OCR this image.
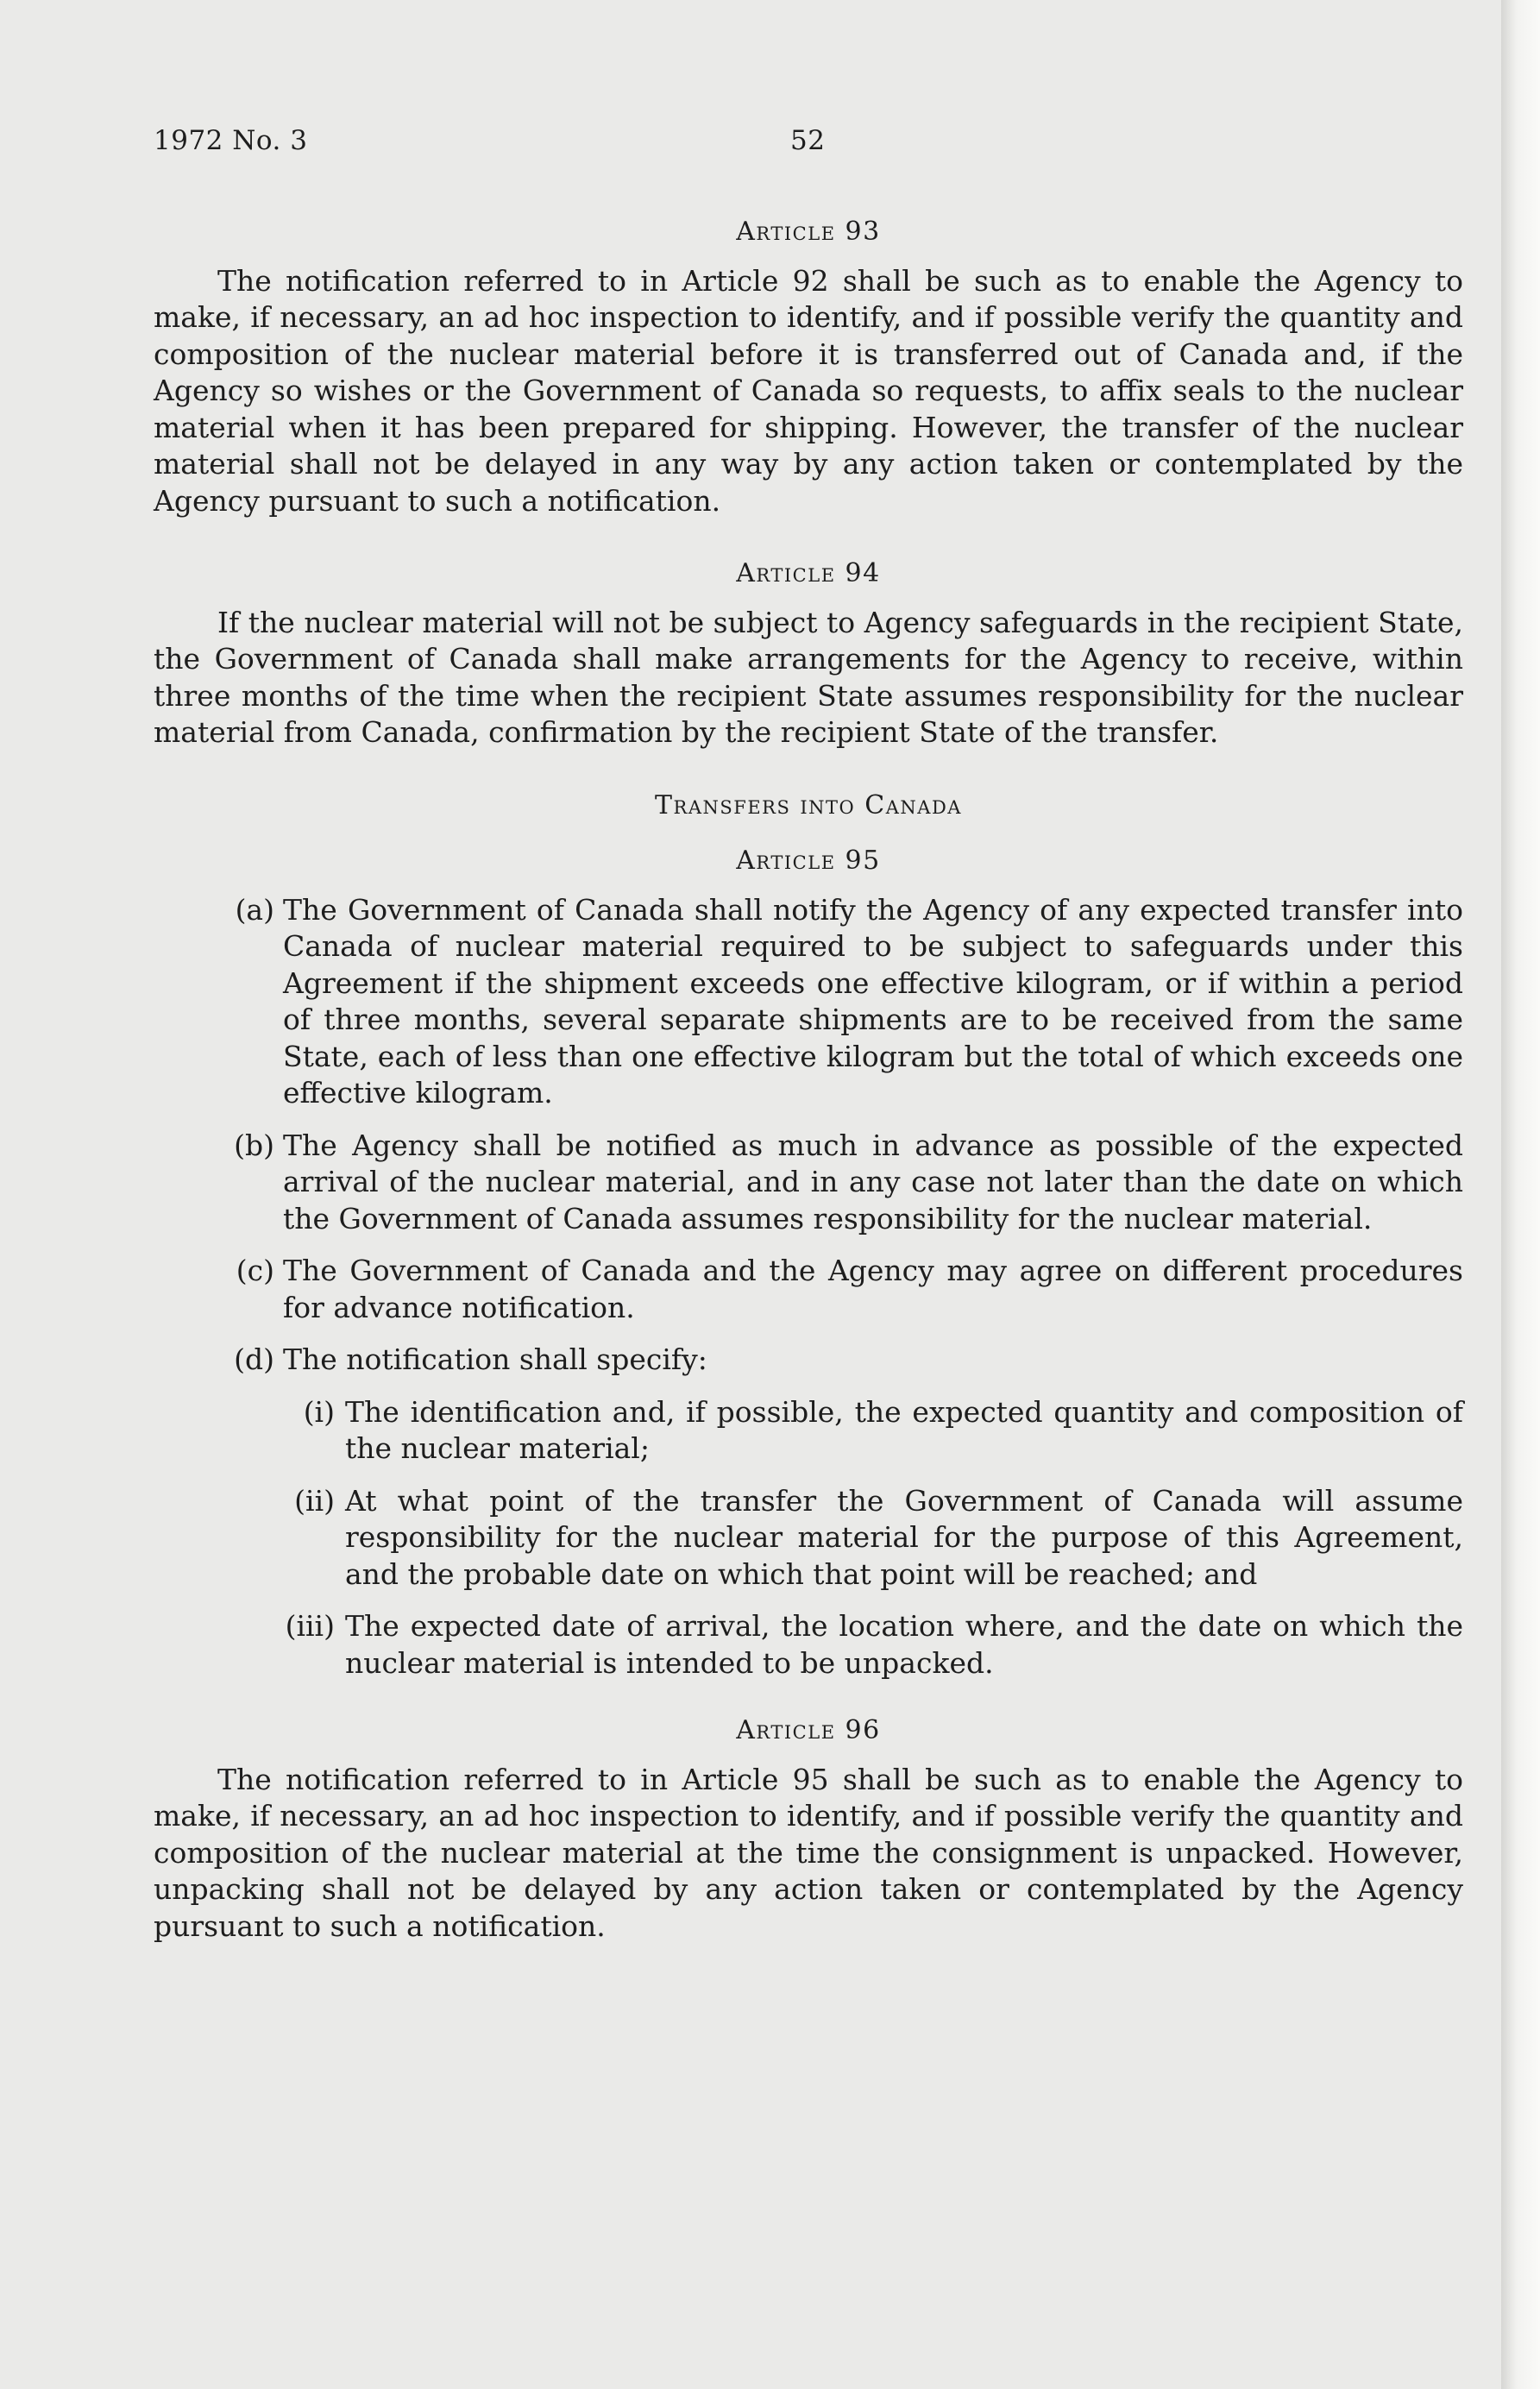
1972 No. 3	52

Article 93

The notification referred to in Article 92 shall be such as to enable the Agency to make, if necessary, an ad hoc inspection to identify, and if possible verify the quantity and composition of the nuclear material before it is transferred out of Canada and, if the Agency so wishes or the Government of Canada so requests, to affix seals to the nuclear material when it has been prepared for shipping. However, the transfer of the nuclear material shall not be delayed in any way by any action taken or contemplated by the Agency pursuant to such a notification.

Article 94

If the nuclear material will not be subject to Agency safeguards in the recipient State, the Government of Canada shall make arrangements for the Agency to receive, within three months of the time when the recipient State assumes responsibility for the nuclear material from Canada, confirmation by the recipient State of the transfer.

Transfers into Canada

Article 95

(a) The Government of Canada shall notify the Agency of any expected transfer into Canada of nuclear material required to be subject to safeguards under this Agreement if the shipment exceeds one effective kilogram, or if within a period of three months, several separate shipments are to be received from the same State, each of less than one effective kilogram but the total of which exceeds one effective kilogram.
(b) The Agency shall be notified as much in advance as possible of the expected arrival of the nuclear material, and in any case not later than the date on which the Government of Canada assumes responsibility for the nuclear material.
(c) The Government of Canada and the Agency may agree on different procedures for advance notification.
(d) The notification shall specify:
(i) The identification and, if possible, the expected quantity and composition of the nuclear material;
(ii) At what point of the transfer the Government of Canada will assume responsibility for the nuclear material for the purpose of this Agreement, and the probable date on which that point will be reached; and
(iii) The expected date of arrival, the location where, and the date on which the nuclear material is intended to be unpacked.

Article 96

The notification referred to in Article 95 shall be such as to enable the Agency to make, if necessary, an ad hoc inspection to identify, and if possible verify the quantity and composition of the nuclear material at the time the consignment is unpacked. However, unpacking shall not be delayed by any action taken or contemplated by the Agency pursuant to such a notification.
